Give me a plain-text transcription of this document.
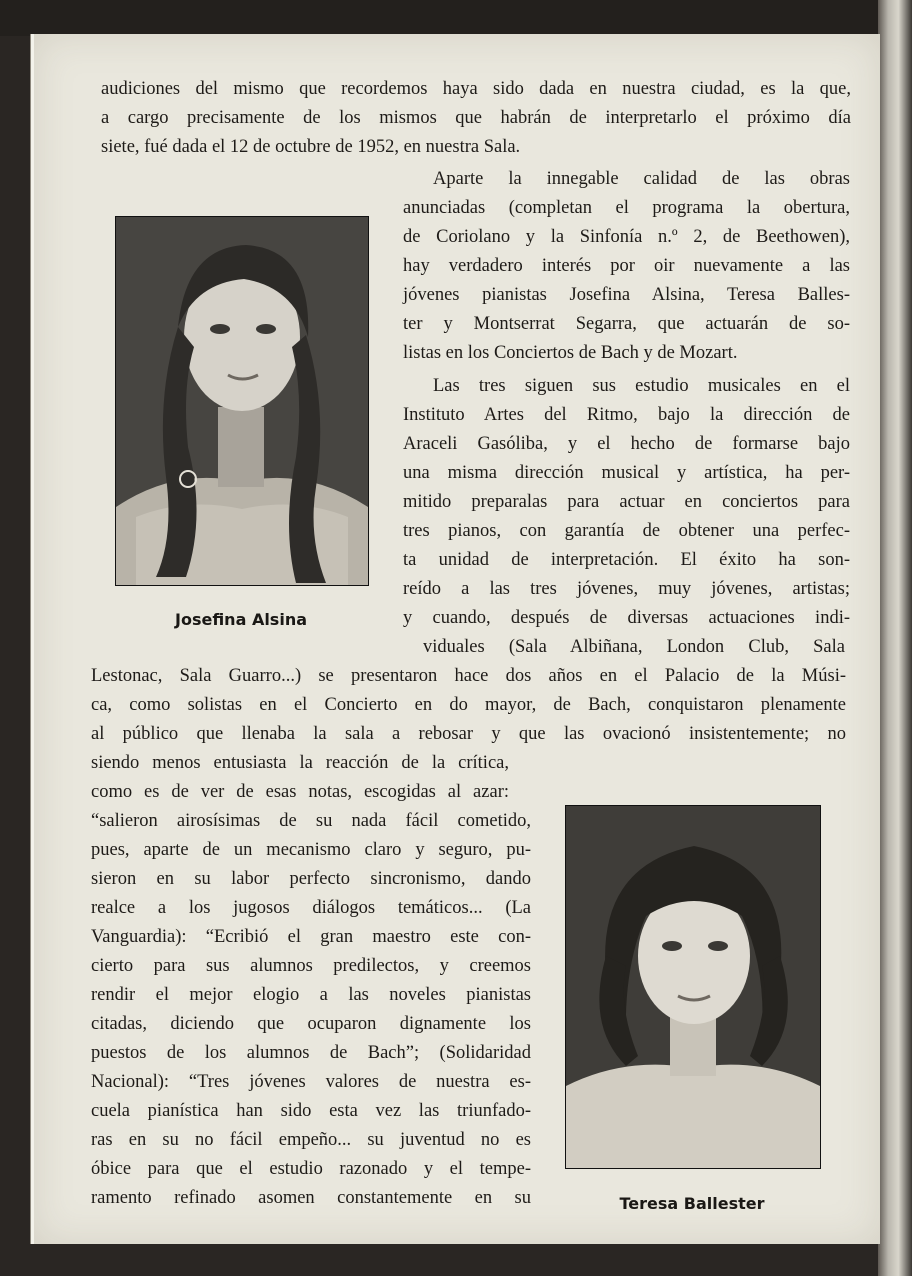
audiciones del mismo que recordemos haya sido dada en nuestra ciudad, es la que,

a cargo precisamente de los mismos que habrán de interpretarlo el próximo día

siete, fué dada el 12 de octubre de 1952, en nuestra Sala.

Aparte la innegable calidad de las obras

anunciadas (completan el programa la obertura,

de Coriolano y la Sinfonía n.º 2, de Beethowen),

hay verdadero interés por oir nuevamente a las

jóvenes pianistas Josefina Alsina, Teresa Balles-

ter y Montserrat Segarra, que actuarán de so-

listas en los Conciertos de Bach y de Mozart.

Las tres siguen sus estudio musicales en el

Instituto Artes del Ritmo, bajo la dirección de

Araceli Gasóliba, y el hecho de formarse bajo

una misma dirección musical y artística, ha per-

mitido preparalas para actuar en conciertos para

tres pianos, con garantía de obtener una perfec-

ta unidad de interpretación. El éxito ha son-

reído a las tres jóvenes, muy jóvenes, artistas;

y cuando, después de diversas actuaciones indi-

viduales (Sala Albiñana, London Club, Sala

Lestonac, Sala Guarro...) se presentaron hace dos años en el Palacio de la Músi-

ca, como solistas en el Concierto en do mayor, de Bach, conquistaron plenamente

al público que llenaba la sala a rebosar y que las ovacionó insistentemente; no

siendo menos entusiasta la reacción de la crítica,

como es de ver de esas notas, escogidas al azar:

“salieron airosísimas de su nada fácil cometido,

pues, aparte de un mecanismo claro y seguro, pu-

sieron en su labor perfecto sincronismo, dando

realce a los jugosos diálogos temáticos... (La

Vanguardia): “Ecribió el gran maestro este con-

cierto para sus alumnos predilectos, y creemos

rendir el mejor elogio a las noveles pianistas

citadas, diciendo que ocuparon dignamente los

puestos de los alumnos de Bach”; (Solidaridad

Nacional): “Tres jóvenes valores de nuestra es-

cuela pianística han sido esta vez las triunfado-

ras en su no fácil empeño... su juventud no es

óbice para que el estudio razonado y el tempe-

ramento refinado asomen constantemente en su

Josefina Alsina

Teresa Ballester
